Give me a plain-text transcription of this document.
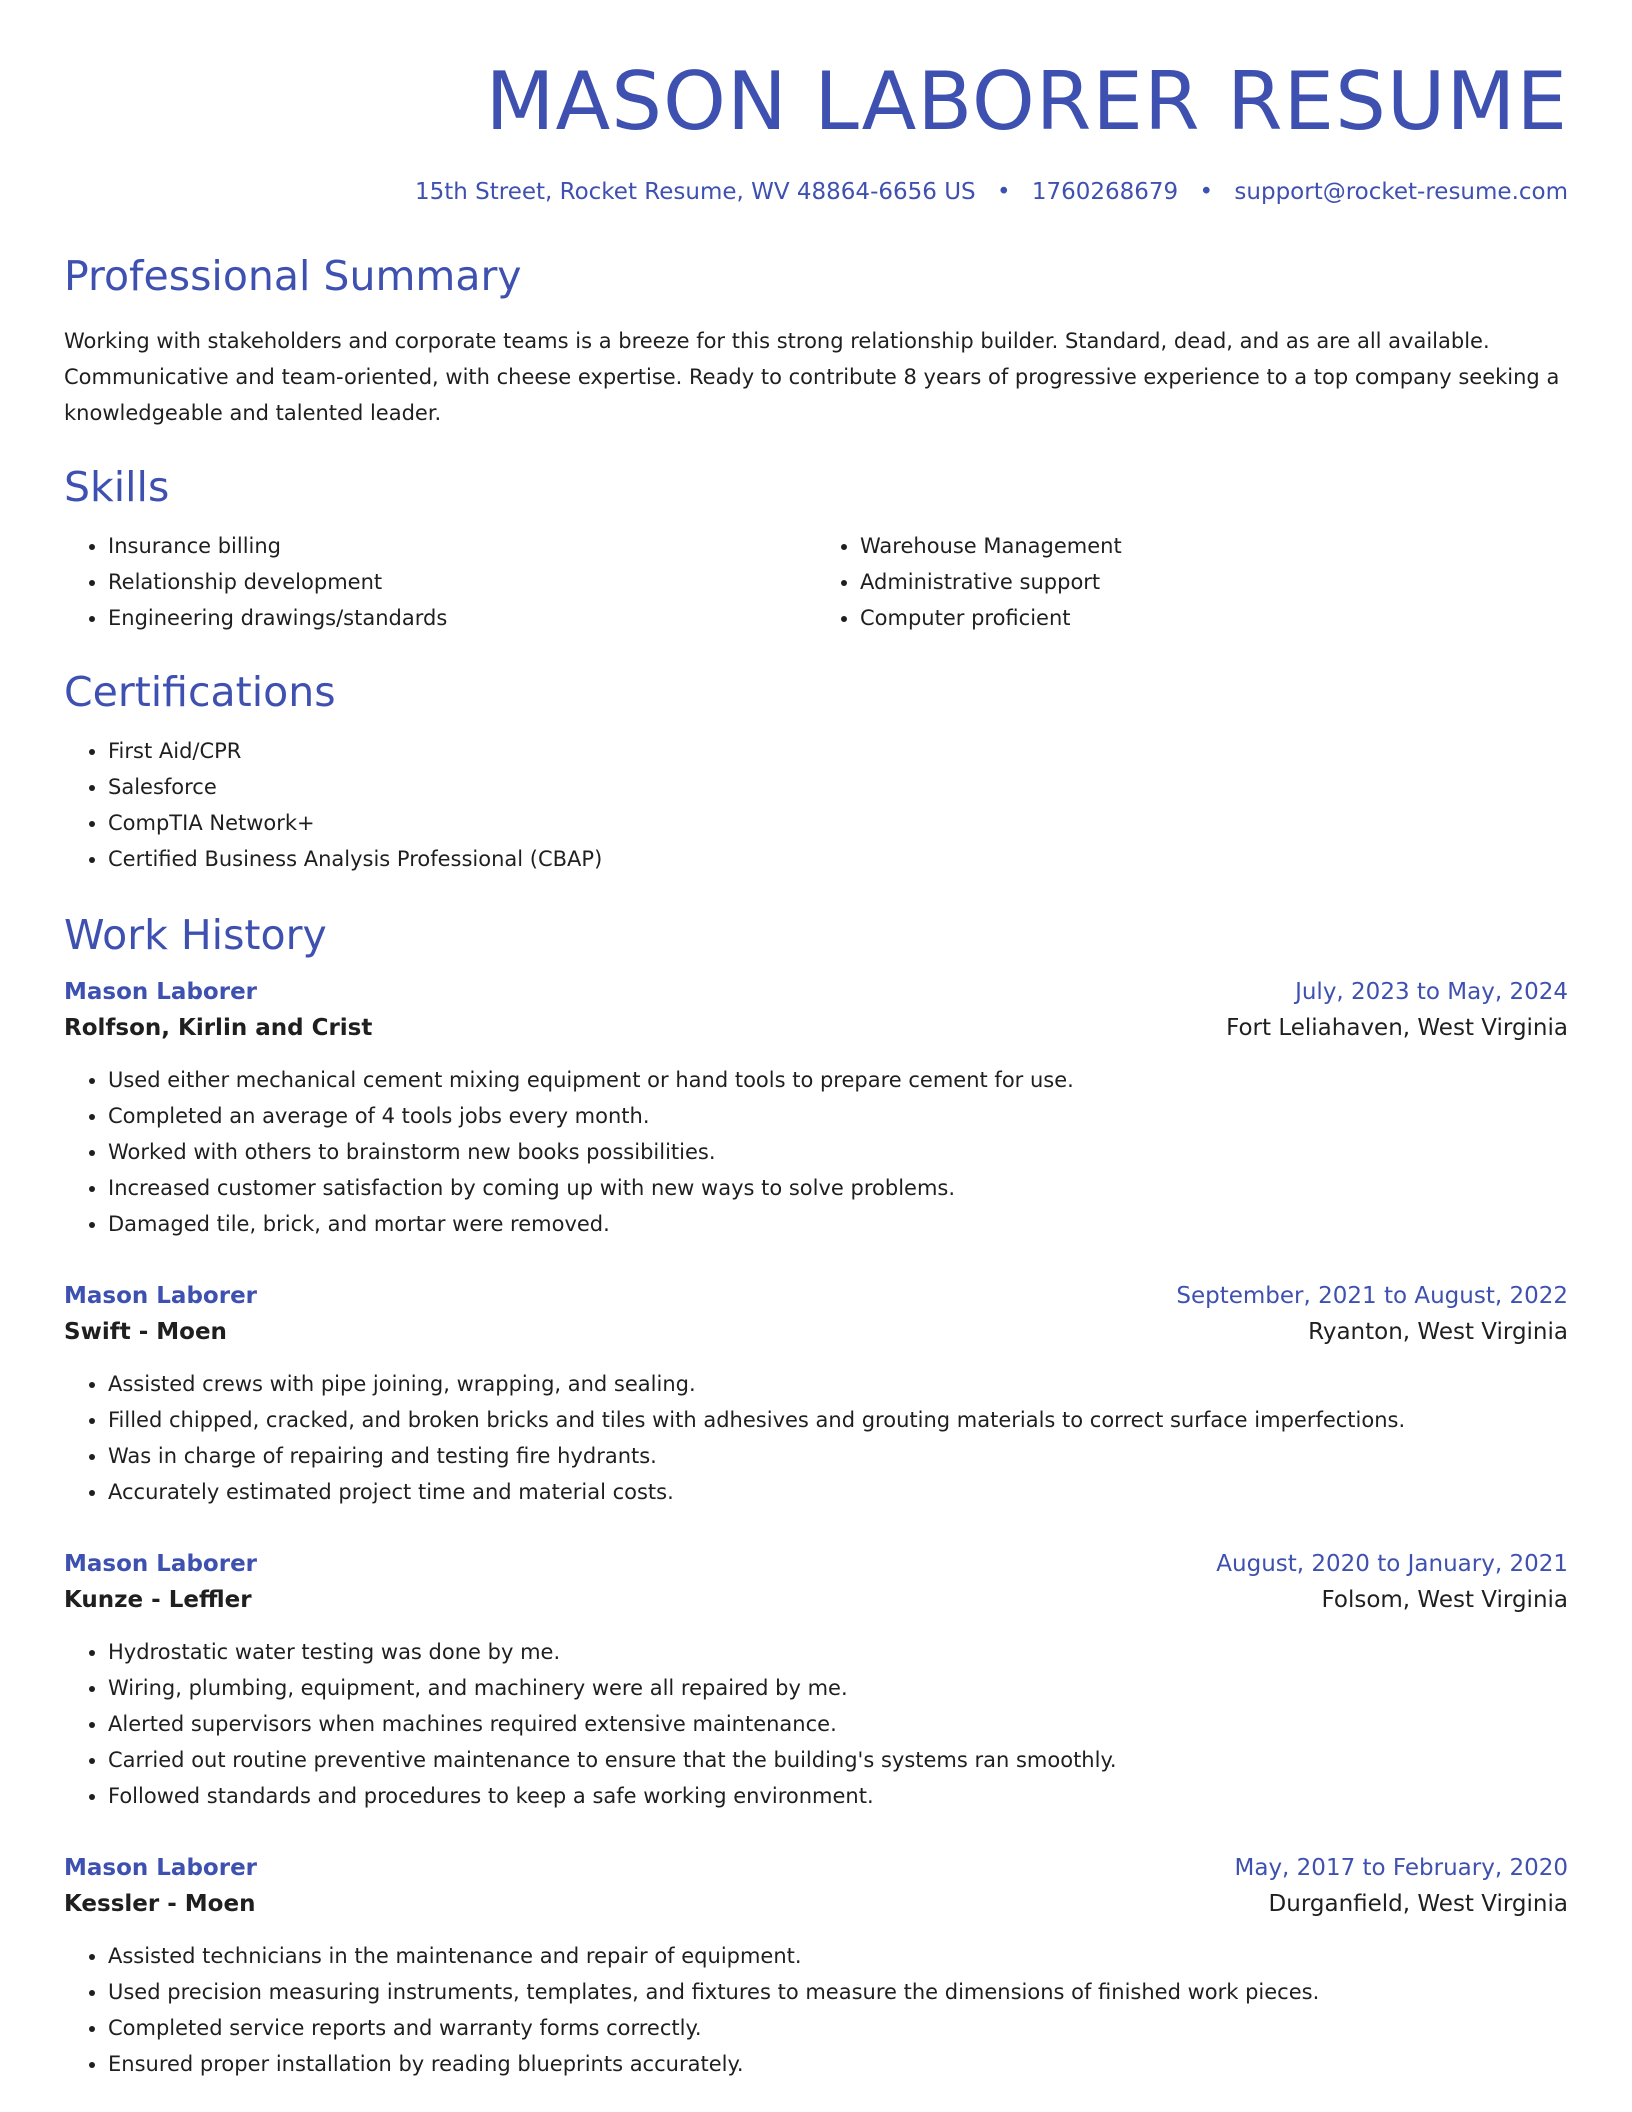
MASON LABORER RESUME
15th Street, Rocket Resume, WV 48864-6656 US • 1760268679 • support@rocket-resume.com
Professional Summary
Working with stakeholders and corporate teams is a breeze for this strong relationship builder. Standard, dead, and as are all available. Communicative and team-oriented, with cheese expertise. Ready to contribute 8 years of progressive experience to a top company seeking a knowledgeable and talented leader.
Skills
• Insurance billing
• Relationship development
• Engineering drawings/standards
• Warehouse Management
• Administrative support
• Computer proficient
Certifications
• First Aid/CPR
• Salesforce
• CompTIA Network+
• Certified Business Analysis Professional (CBAP)
Work History
Mason Laborer	July, 2023 to May, 2024
Rolfson, Kirlin and Crist	Fort Leliahaven, West Virginia
• Used either mechanical cement mixing equipment or hand tools to prepare cement for use.
• Completed an average of 4 tools jobs every month.
• Worked with others to brainstorm new books possibilities.
• Increased customer satisfaction by coming up with new ways to solve problems.
• Damaged tile, brick, and mortar were removed.
Mason Laborer	September, 2021 to August, 2022
Swift - Moen	Ryanton, West Virginia
• Assisted crews with pipe joining, wrapping, and sealing.
• Filled chipped, cracked, and broken bricks and tiles with adhesives and grouting materials to correct surface imperfections.
• Was in charge of repairing and testing fire hydrants.
• Accurately estimated project time and material costs.
Mason Laborer	August, 2020 to January, 2021
Kunze - Leffler	Folsom, West Virginia
• Hydrostatic water testing was done by me.
• Wiring, plumbing, equipment, and machinery were all repaired by me.
• Alerted supervisors when machines required extensive maintenance.
• Carried out routine preventive maintenance to ensure that the building's systems ran smoothly.
• Followed standards and procedures to keep a safe working environment.
Mason Laborer	May, 2017 to February, 2020
Kessler - Moen	Durganfield, West Virginia
• Assisted technicians in the maintenance and repair of equipment.
• Used precision measuring instruments, templates, and fixtures to measure the dimensions of finished work pieces.
• Completed service reports and warranty forms correctly.
• Ensured proper installation by reading blueprints accurately.
